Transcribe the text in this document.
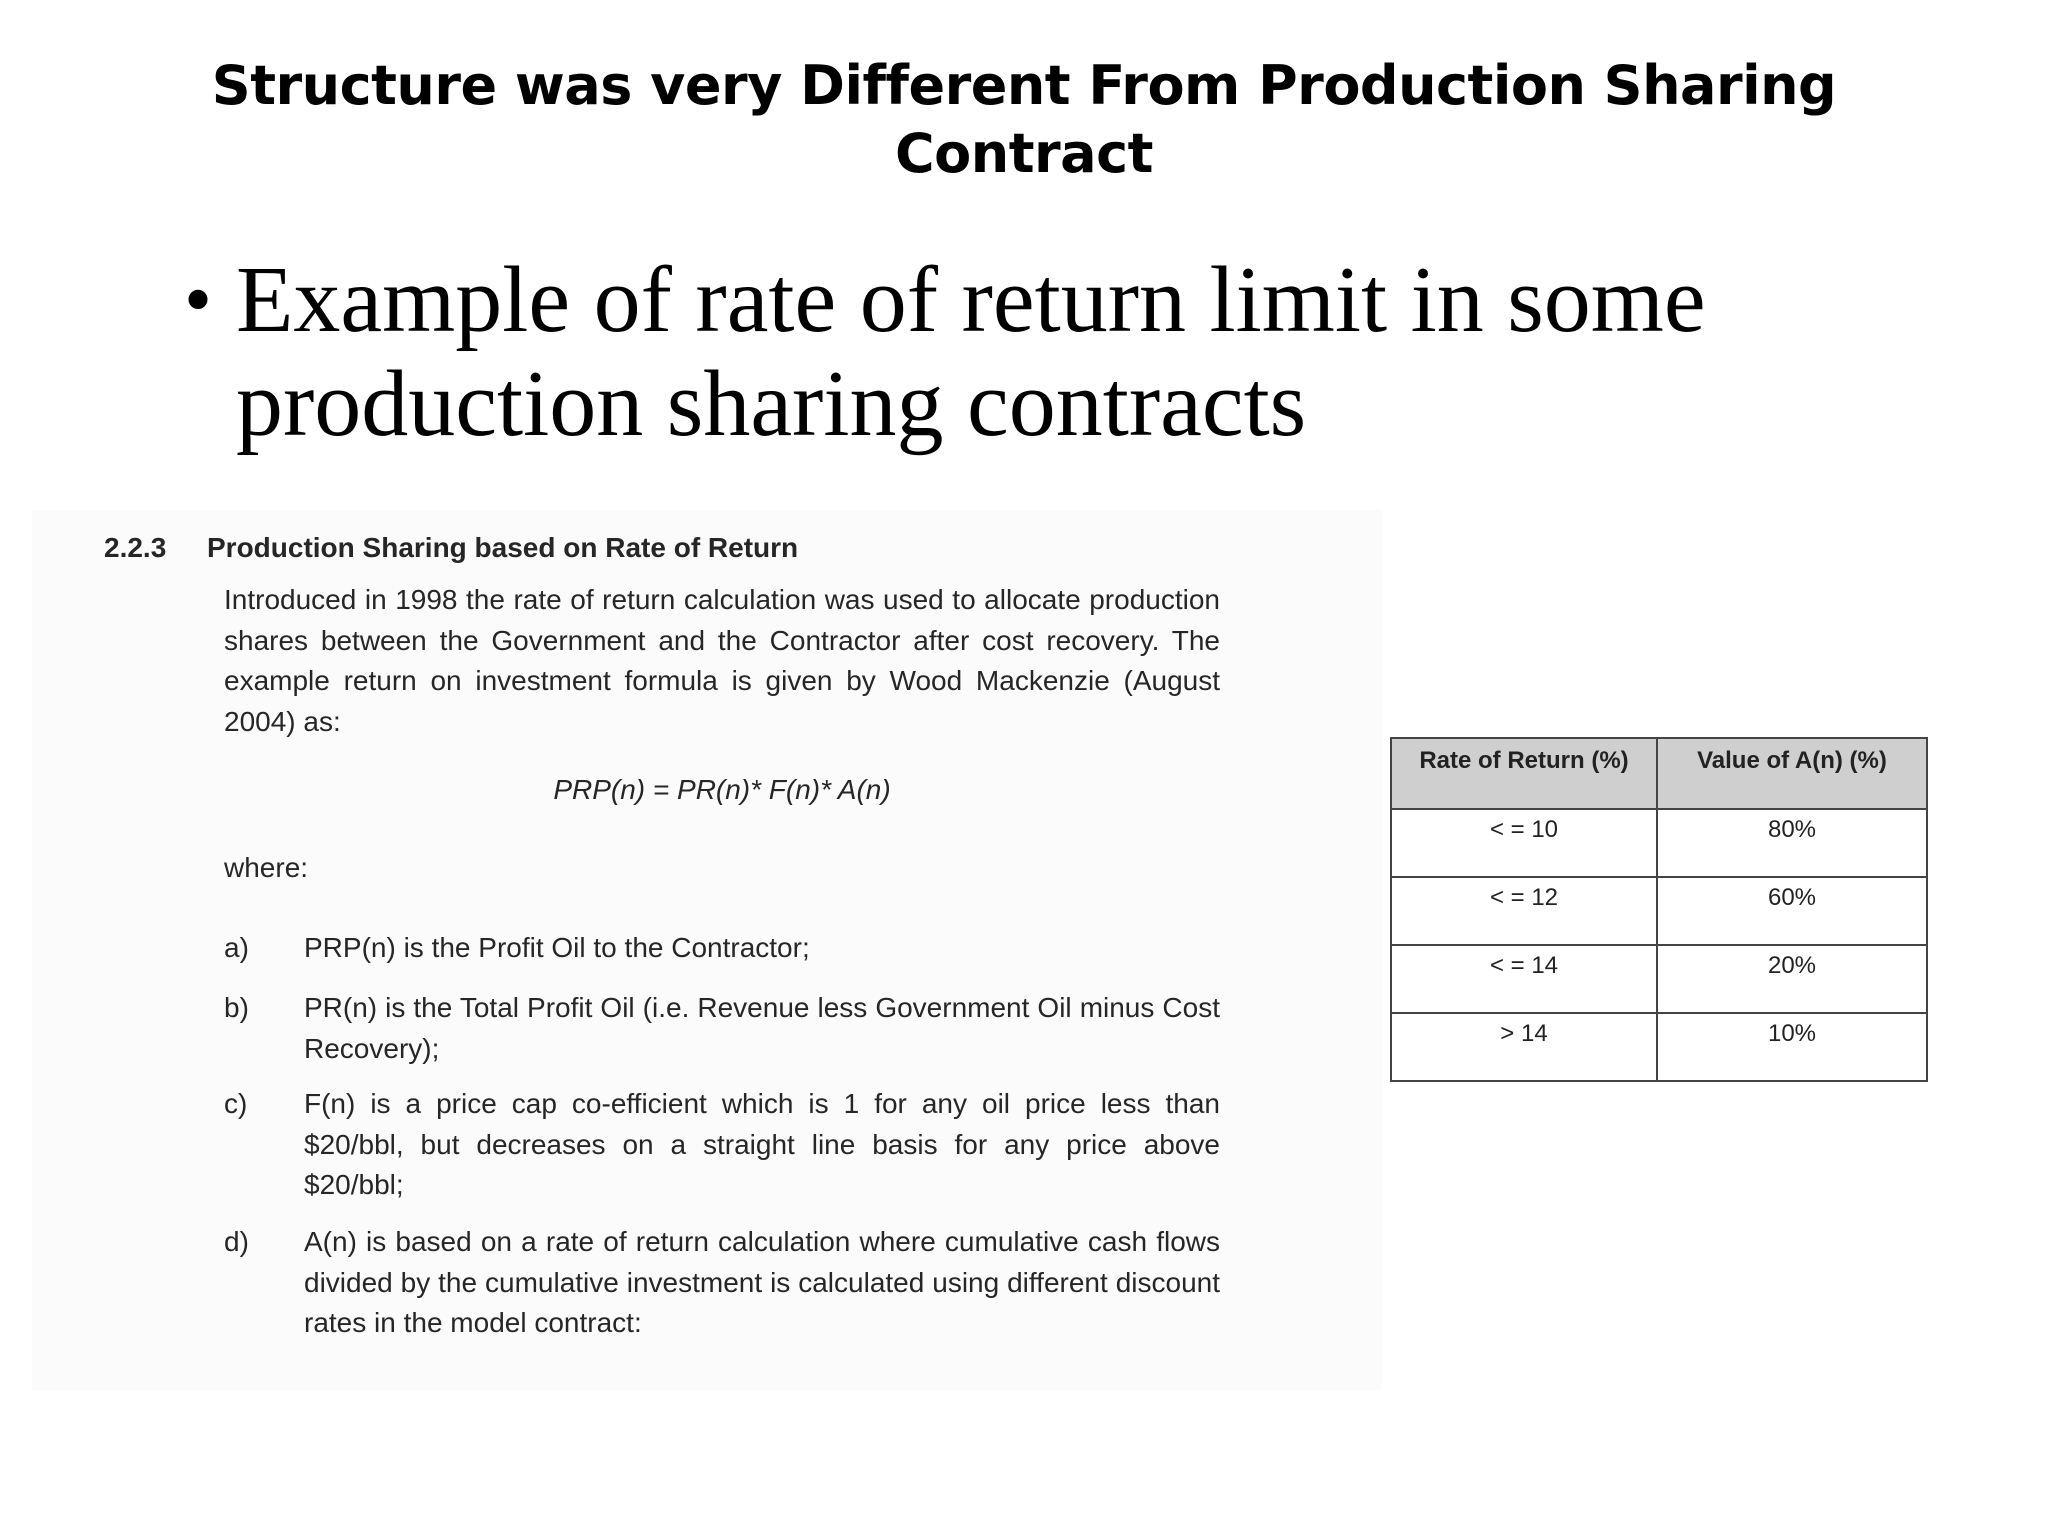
Structure was very Different From Production Sharing
Contract
• Example of rate of return limit in some production sharing contracts
2.2.3 Production Sharing based on Rate of Return
Introduced in 1998 the rate of return calculation was used to allocate production shares between the Government and the Contractor after cost recovery. The example return on investment formula is given by Wood Mackenzie (August 2004) as:
PRP(n) = PR(n)* F(n)* A(n)
where:
a) PRP(n) is the Profit Oil to the Contractor;
b) PR(n) is the Total Profit Oil (i.e. Revenue less Government Oil minus Cost Recovery);
c) F(n) is a price cap co-efficient which is 1 for any oil price less than $20/bbl, but decreases on a straight line basis for any price above $20/bbl;
d) A(n) is based on a rate of return calculation where cumulative cash flows divided by the cumulative investment is calculated using different discount rates in the model contract:
Rate of Return (%)	Value of A(n) (%)
< = 10	80%
< = 12	60%
< = 14	20%
> 14	10%
